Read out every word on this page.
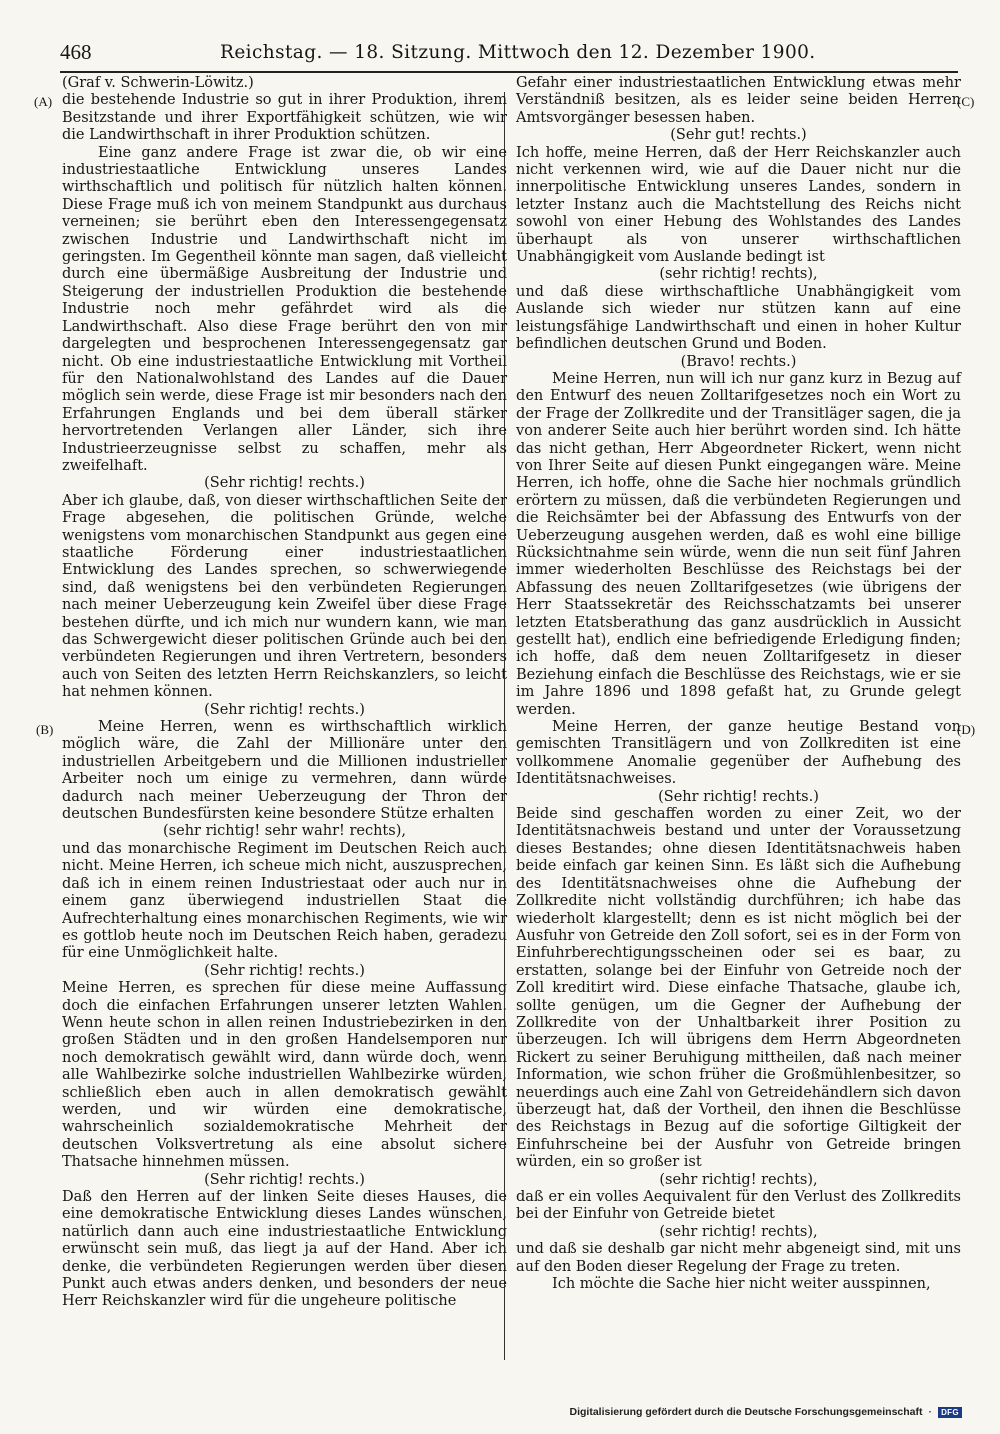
468	Reichstag. — 18. Sitzung. Mittwoch den 12. Dezember 1900.
(A)
(B)
(C)
(D)

(Graf v. Schwerin-Löwitz.)

die bestehende Industrie so gut in ihrer Produktion, ihrem Besitzstande und ihrer Exportfähigkeit schützen, wie wir die Landwirthschaft in ihrer Produktion schützen.

Eine ganz andere Frage ist zwar die, ob wir eine industriestaatliche Entwicklung unseres Landes wirthschaftlich und politisch für nützlich halten können. Diese Frage muß ich von meinem Standpunkt aus durchaus verneinen; sie berührt eben den Interessengegensatz zwischen Industrie und Landwirthschaft nicht im geringsten. Im Gegentheil könnte man sagen, daß vielleicht durch eine übermäßige Ausbreitung der Industrie und Steigerung der industriellen Produktion die bestehende Industrie noch mehr gefährdet wird als die Landwirthschaft. Also diese Frage berührt den von mir dargelegten und besprochenen Interessengegensatz gar nicht. Ob eine industriestaatliche Entwicklung mit Vortheil für den Nationalwohlstand des Landes auf die Dauer möglich sein werde, diese Frage ist mir besonders nach den Erfahrungen Englands und bei dem überall stärker hervortretenden Verlangen aller Länder, sich ihre Industrieerzeugnisse selbst zu schaffen, mehr als zweifelhaft.

(Sehr richtig! rechts.)

Aber ich glaube, daß, von dieser wirthschaftlichen Seite der Frage abgesehen, die politischen Gründe, welche wenigstens vom monarchischen Standpunkt aus gegen eine staatliche Förderung einer industriestaatlichen Entwicklung des Landes sprechen, so schwerwiegende sind, daß wenigstens bei den verbündeten Regierungen nach meiner Ueberzeugung kein Zweifel über diese Frage bestehen dürfte, und ich mich nur wundern kann, wie man das Schwergewicht dieser politischen Gründe auch bei den verbündeten Regierungen und ihren Vertretern, besonders auch von Seiten des letzten Herrn Reichskanzlers, so leicht hat nehmen können.

(Sehr richtig! rechts.)

Meine Herren, wenn es wirthschaftlich wirklich möglich wäre, die Zahl der Millionäre unter den industriellen Arbeitgebern und die Millionen industrieller Arbeiter noch um einige zu vermehren, dann würde dadurch nach meiner Ueberzeugung der Thron der deutschen Bundesfürsten keine besondere Stütze erhalten

(sehr richtig! sehr wahr! rechts),

und das monarchische Regiment im Deutschen Reich auch nicht. Meine Herren, ich scheue mich nicht, auszusprechen, daß ich in einem reinen Industriestaat oder auch nur in einem ganz überwiegend industriellen Staat die Aufrechterhaltung eines monarchischen Regiments, wie wir es gottlob heute noch im Deutschen Reich haben, geradezu für eine Unmöglichkeit halte.

(Sehr richtig! rechts.)

Meine Herren, es sprechen für diese meine Auffassung doch die einfachen Erfahrungen unserer letzten Wahlen. Wenn heute schon in allen reinen Industriebezirken in den großen Städten und in den großen Handelsemporen nur noch demokratisch gewählt wird, dann würde doch, wenn alle Wahlbezirke solche industriellen Wahlbezirke würden, schließlich eben auch in allen demokratisch gewählt werden, und wir würden eine demokratische, wahrscheinlich sozialdemokratische Mehrheit der deutschen Volksvertretung als eine absolut sichere Thatsache hinnehmen müssen.

(Sehr richtig! rechts.)

Daß den Herren auf der linken Seite dieses Hauses, die eine demokratische Entwicklung dieses Landes wünschen, natürlich dann auch eine industriestaatliche Entwicklung erwünscht sein muß, das liegt ja auf der Hand. Aber ich denke, die verbündeten Regierungen werden über diesen Punkt auch etwas anders denken, und besonders der neue Herr Reichskanzler wird für die ungeheure politische

Gefahr einer industriestaatlichen Entwicklung etwas mehr Verständniß besitzen, als es leider seine beiden Herren Amtsvorgänger besessen haben.

(Sehr gut! rechts.)

Ich hoffe, meine Herren, daß der Herr Reichskanzler auch nicht verkennen wird, wie auf die Dauer nicht nur die innerpolitische Entwicklung unseres Landes, sondern in letzter Instanz auch die Machtstellung des Reichs nicht sowohl von einer Hebung des Wohlstandes des Landes überhaupt als von unserer wirthschaftlichen Unabhängigkeit vom Auslande bedingt ist

(sehr richtig! rechts),

und daß diese wirthschaftliche Unabhängigkeit vom Auslande sich wieder nur stützen kann auf eine leistungsfähige Landwirthschaft und einen in hoher Kultur befindlichen deutschen Grund und Boden.

(Bravo! rechts.)

Meine Herren, nun will ich nur ganz kurz in Bezug auf den Entwurf des neuen Zolltarifgesetzes noch ein Wort zu der Frage der Zollkredite und der Transitläger sagen, die ja von anderer Seite auch hier berührt worden sind. Ich hätte das nicht gethan, Herr Abgeordneter Rickert, wenn nicht von Ihrer Seite auf diesen Punkt eingegangen wäre. Meine Herren, ich hoffe, ohne die Sache hier nochmals gründlich erörtern zu müssen, daß die verbündeten Regierungen und die Reichsämter bei der Abfassung des Entwurfs von der Ueberzeugung ausgehen werden, daß es wohl eine billige Rücksichtnahme sein würde, wenn die nun seit fünf Jahren immer wiederholten Beschlüsse des Reichstags bei der Abfassung des neuen Zolltarifgesetzes (wie übrigens der Herr Staatssekretär des Reichsschatzamts bei unserer letzten Etatsberathung das ganz ausdrücklich in Aussicht gestellt hat), endlich eine befriedigende Erledigung finden; ich hoffe, daß dem neuen Zolltarifgesetz in dieser Beziehung einfach die Beschlüsse des Reichstags, wie er sie im Jahre 1896 und 1898 gefaßt hat, zu Grunde gelegt werden.

Meine Herren, der ganze heutige Bestand von gemischten Transitlägern und von Zollkrediten ist eine vollkommene Anomalie gegenüber der Aufhebung des Identitätsnachweises.

(Sehr richtig! rechts.)

Beide sind geschaffen worden zu einer Zeit, wo der Identitätsnachweis bestand und unter der Voraussetzung dieses Bestandes; ohne diesen Identitätsnachweis haben beide einfach gar keinen Sinn. Es läßt sich die Aufhebung des Identitätsnachweises ohne die Aufhebung der Zollkredite nicht vollständig durchführen; ich habe das wiederholt klargestellt; denn es ist nicht möglich bei der Ausfuhr von Getreide den Zoll sofort, sei es in der Form von Einfuhrberechtigungsscheinen oder sei es baar, zu erstatten, solange bei der Einfuhr von Getreide noch der Zoll kreditirt wird. Diese einfache Thatsache, glaube ich, sollte genügen, um die Gegner der Aufhebung der Zollkredite von der Unhaltbarkeit ihrer Position zu überzeugen. Ich will übrigens dem Herrn Abgeordneten Rickert zu seiner Beruhigung mittheilen, daß nach meiner Information, wie schon früher die Großmühlenbesitzer, so neuerdings auch eine Zahl von Getreidehändlern sich davon überzeugt hat, daß der Vortheil, den ihnen die Beschlüsse des Reichstags in Bezug auf die sofortige Giltigkeit der Einfuhrscheine bei der Ausfuhr von Getreide bringen würden, ein so großer ist

(sehr richtig! rechts),

daß er ein volles Aequivalent für den Verlust des Zollkredits bei der Einfuhr von Getreide bietet

(sehr richtig! rechts),

und daß sie deshalb gar nicht mehr abgeneigt sind, mit uns auf den Boden dieser Regelung der Frage zu treten.

Ich möchte die Sache hier nicht weiter ausspinnen,

Digitalisierung gefördert durch die Deutsche Forschungsgemeinschaft ·	DFG
